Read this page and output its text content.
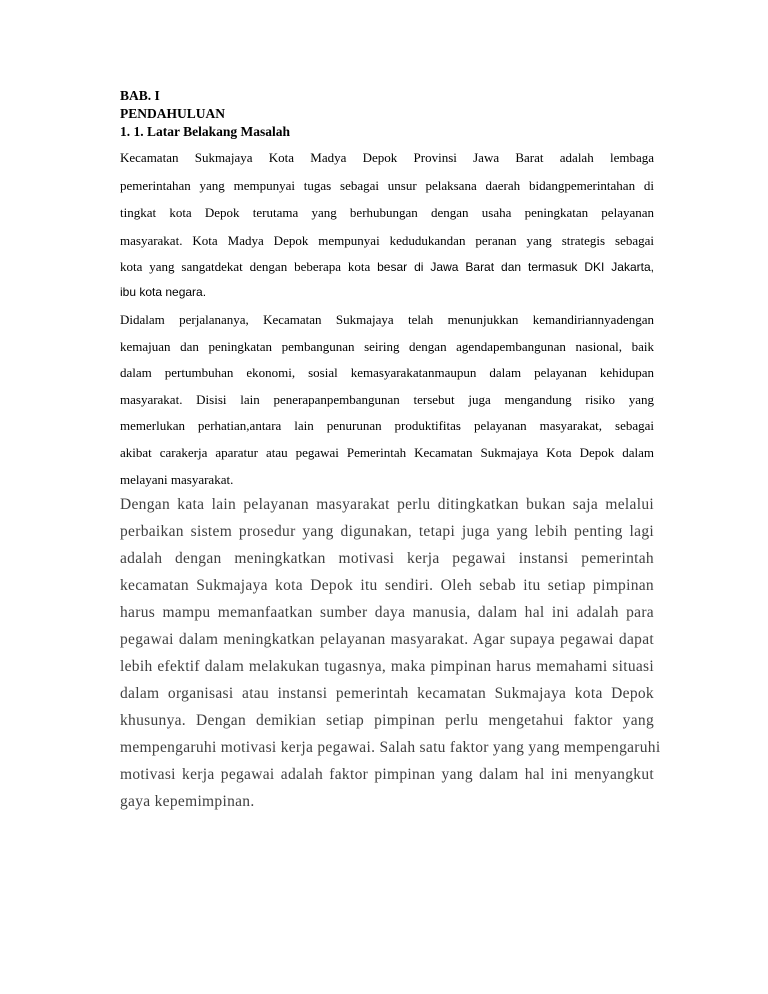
BAB. I
PENDAHULUAN
1. 1. Latar Belakang Masalah
Kecamatan Sukmajaya Kota Madya Depok Provinsi Jawa Barat adalah lembaga
pemerintahan yang mempunyai tugas sebagai unsur pelaksana daerah bidangpemerintahan di
tingkat kota Depok terutama yang berhubungan dengan usaha peningkatan pelayanan
masyarakat. Kota Madya Depok mempunyai kedudukandan peranan yang strategis sebagai
kota yang sangatdekat dengan beberapa kota besar di Jawa Barat dan termasuk DKI Jakarta,
ibu kota negara.
Didalam perjalananya, Kecamatan Sukmajaya telah menunjukkan kemandiriannyadengan
kemajuan dan peningkatan pembangunan seiring dengan agendapembangunan nasional, baik
dalam pertumbuhan ekonomi, sosial kemasyarakatanmaupun dalam pelayanan kehidupan
masyarakat. Disisi lain penerapanpembangunan tersebut juga mengandung risiko yang
memerlukan perhatian,antara lain penurunan produktifitas pelayanan masyarakat, sebagai
akibat carakerja aparatur atau pegawai Pemerintah Kecamatan Sukmajaya Kota Depok dalam
melayani masyarakat.
Dengan kata lain pelayanan masyarakat perlu ditingkatkan bukan saja melalui
perbaikan sistem prosedur yang digunakan, tetapi juga yang lebih penting lagi
adalah dengan meningkatkan motivasi kerja pegawai instansi pemerintah
kecamatan Sukmajaya kota Depok itu sendiri. Oleh sebab itu setiap pimpinan
harus mampu memanfaatkan sumber daya manusia, dalam hal ini adalah para
pegawai dalam meningkatkan pelayanan masyarakat. Agar supaya pegawai dapat
lebih efektif dalam melakukan tugasnya, maka pimpinan harus memahami situasi
dalam organisasi atau instansi pemerintah kecamatan Sukmajaya kota Depok
khusunya. Dengan demikian setiap pimpinan perlu mengetahui faktor yang
mempengaruhi motivasi kerja pegawai. Salah satu faktor yang yang mempengaruhi
motivasi kerja pegawai adalah faktor pimpinan yang dalam hal ini menyangkut
gaya kepemimpinan.
